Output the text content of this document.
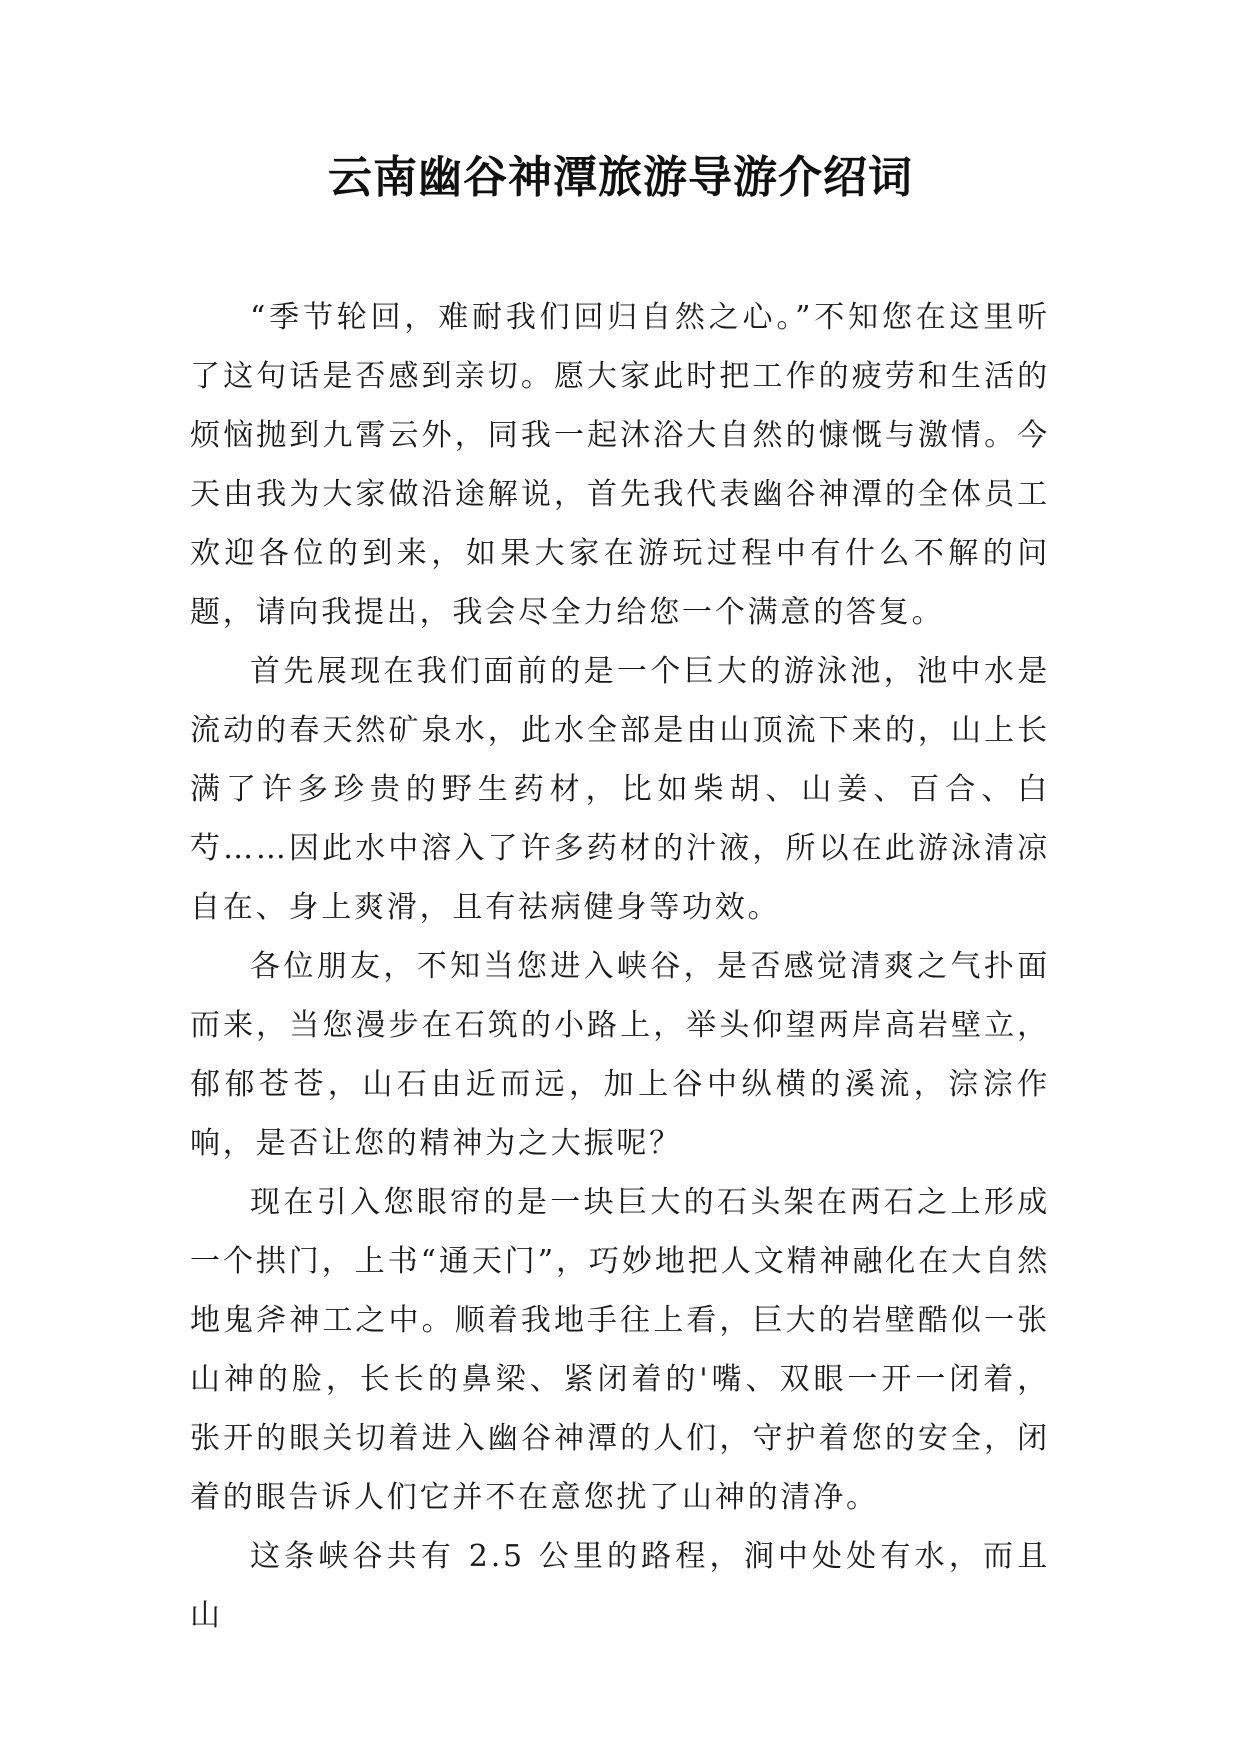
云南幽谷神潭旅游导游介绍词

“季节轮回，难耐我们回归自然之心。”不知您在这里听了这句话是否感到亲切。愿大家此时把工作的疲劳和生活的烦恼抛到九霄云外，同我一起沐浴大自然的慷慨与激情。今天由我为大家做沿途解说，首先我代表幽谷神潭的全体员工欢迎各位的到来，如果大家在游玩过程中有什么不解的问题，请向我提出，我会尽全力给您一个满意的答复。

首先展现在我们面前的是一个巨大的游泳池，池中水是流动的春天然矿泉水，此水全部是由山顶流下来的，山上长满了许多珍贵的野生药材，比如柴胡、山姜、百合、白芍……因此水中溶入了许多药材的汁液，所以在此游泳清凉自在、身上爽滑，且有祛病健身等功效。

各位朋友，不知当您进入峡谷，是否感觉清爽之气扑面而来，当您漫步在石筑的小路上，举头仰望两岸高岩壁立，郁郁苍苍，山石由近而远，加上谷中纵横的溪流，淙淙作响，是否让您的精神为之大振呢？

现在引入您眼帘的是一块巨大的石头架在两石之上形成一个拱门，上书“通天门”，巧妙地把人文精神融化在大自然地鬼斧神工之中。顺着我地手往上看，巨大的岩壁酷似一张山神的脸，长长的鼻梁、紧闭着的'嘴、双眼一开一闭着，张开的眼关切着进入幽谷神潭的人们，守护着您的安全，闭着的眼告诉人们它并不在意您扰了山神的清净。

这条峡谷共有 2.5 公里的路程，涧中处处有水，而且山
